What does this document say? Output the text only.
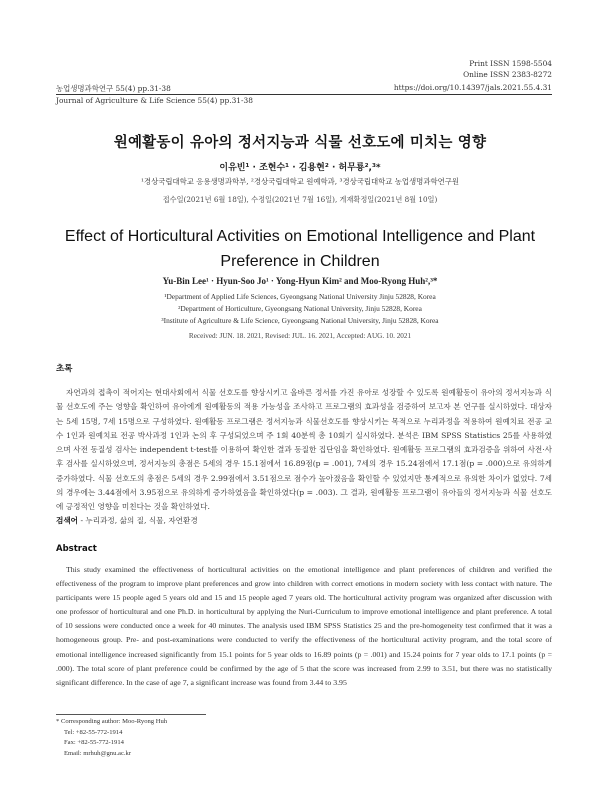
Print ISSN 1598-5504
Online ISSN 2383-8272
농업생명과학연구 55(4) pp.31-38	https://doi.org/10.14397/jals.2021.55.4.31
Journal of Agriculture & Life Science 55(4) pp.31-38
원예활동이 유아의 정서지능과 식물 선호도에 미치는 영향
이유빈¹ · 조현수¹ · 김용현² · 허무룡²,³*
¹경상국립대학교 응용생명과학부, ²경상국립대학교 원예학과, ³경상국립대학교 농업생명과학연구원
접수일(2021년 6월 18일), 수정일(2021년 7월 16일), 게재확정일(2021년 8월 10일)
Effect of Horticultural Activities on Emotional Intelligence and Plant
Preference in Children
Yu-Bin Lee¹ · Hyun-Soo Jo¹ · Yong-Hyun Kim² and Moo-Ryong Huh²,³*
¹Department of Applied Life Sciences, Gyeongsang National University Jinju 52828, Korea
²Department of Horticulture, Gyeongsang National University, Jinju 52828, Korea
³Institute of Agriculture & Life Science, Gyeongsang National University, Jinju 52828, Korea
Received: JUN. 18. 2021, Revised: JUL. 16. 2021, Accepted: AUG. 10. 2021
초록

자연과의 접촉이 적어지는 현대사회에서 식물 선호도를 향상시키고 올바른 정서를 가진 유아로 성장할 수 있도록 원예활동이 유아의 정서지능과 식물 선호도에 주는 영향을 확인하여 유아에게 원예활동의 적용 가능성을 조사하고 프로그램의 효과성을 검증하여 보고자 본 연구를 실시하였다. 대상자는 5세 15명, 7세 15명으로 구성하였다. 원예활동 프로그램은 정서지능과 식물선호도를 향상시키는 목적으로 누리과정을 적용하여 원예치료 전공 교수 1인과 원예치료 전공 박사과정 1인과 논의 후 구성되었으며 주 1회 40분씩 총 10회기 실시하였다. 분석은 IBM SPSS Statistics 25를 사용하였으며 사전 동질성 검사는 independent t-test를 이용하여 확인한 결과 동질한 집단임을 확인하였다. 원예활동 프로그램의 효과검증을 위하여 사전·사후 검사를 실시하였으며, 정서지능의 총점은 5세의 경우 15.1점에서 16.89점(p = .001), 7세의 경우 15.24점에서 17.1점(p = .000)으로 유의하게 증가하였다. 식물 선호도의 총점은 5세의 경우 2.99점에서 3.51점으로 점수가 높아졌음을 확인할 수 있었지만 통계적으로 유의한 차이가 없었다. 7세의 경우에는 3.44점에서 3.95점으로 유의하게 증가하였음을 확인하였다(p = .003). 그 결과, 원예활동 프로그램이 유아들의 정서지능과 식물 선호도에 긍정적인 영향을 미친다는 것을 확인하였다.

검색어 - 누리과정, 삶의 질, 식물, 자연환경
Abstract

This study examined the effectiveness of horticultural activities on the emotional intelligence and plant preferences of children and verified the effectiveness of the program to improve plant preferences and grow into children with correct emotions in modern society with less contact with nature. The participants were 15 people aged 5 years old and 15 and 15 people aged 7 years old. The horticultural activity program was organized after discussion with one professor of horticultural and one Ph.D. in horticultural by applying the Nuri-Curriculum to improve emotional intelligence and plant preference. A total of 10 sessions were conducted once a week for 40 minutes. The analysis used IBM SPSS Statistics 25 and the pre-homogeneity test confirmed that it was a homogeneous group. Pre- and post-examinations were conducted to verify the effectiveness of the horticultural activity program, and the total score of emotional intelligence increased significantly from 15.1 points for 5 year olds to 16.89 points (p = .001) and 15.24 points for 7 year olds to 17.1 points (p = .000). The total score of plant preference could be confirmed by the age of 5 that the score was increased from 2.99 to 3.51, but there was no statistically significant difference. In the case of age 7, a significant increase was found from 3.44 to 3.95

* Corresponding author: Moo-Ryong Huh
Tel: +82-55-772-1914
Fax: +82-55-772-1914
Email: mrhuh@gnu.ac.kr
